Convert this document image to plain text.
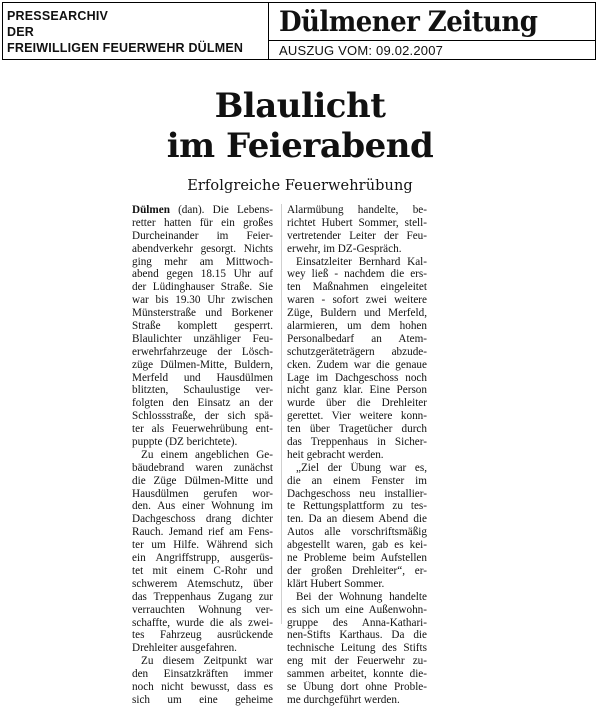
PRESSEARCHIV
DER
FREIWILLIGEN FEUERWEHR DÜLMEN
Dülmener Zeitung
AUSZUG VOM: 09.02.2007
Blaulicht
im Feierabend
Erfolgreiche Feuerwehrübung
Dülmen (dan). Die Lebens-
retter hatten für ein großes
Durcheinander im Feier-
abendverkehr gesorgt. Nichts
ging mehr am Mittwoch-
abend gegen 18.15 Uhr auf
der Lüdinghauser Straße. Sie
war bis 19.30 Uhr zwischen
Münsterstraße und Borkener
Straße komplett gesperrt.
Blaulichter unzähliger Feu-
erwehrfahrzeuge der Lösch-
züge Dülmen-Mitte, Buldern,
Merfeld und Hausdülmen
blitzten, Schaulustige ver-
folgten den Einsatz an der
Schlossstraße, der sich spä-
ter als Feuerwehrübung ent-
puppte (DZ berichtete).
Zu einem angeblichen Ge-
bäudebrand waren zunächst
die Züge Dülmen-Mitte und
Hausdülmen gerufen wor-
den. Aus einer Wohnung im
Dachgeschoss drang dichter
Rauch. Jemand rief am Fens-
ter um Hilfe. Während sich
ein Angriffstrupp, ausgerüs-
tet mit einem C-Rohr und
schwerem Atemschutz, über
das Treppenhaus Zugang zur
verrauchten Wohnung ver-
schaffte, wurde die als zwei-
tes Fahrzeug ausrückende
Drehleiter ausgefahren.
Zu diesem Zeitpunkt war
den Einsatzkräften immer
noch nicht bewusst, dass es
sich um eine geheime
Alarmübung handelte, be-
richtet Hubert Sommer, stell-
vertretender Leiter der Feu-
erwehr, im DZ-Gespräch.
Einsatzleiter Bernhard Kal-
wey ließ - nachdem die ers-
ten Maßnahmen eingeleitet
waren - sofort zwei weitere
Züge, Buldern und Merfeld,
alarmieren, um dem hohen
Personalbedarf an Atem-
schutzgeräteträgern abzude-
cken. Zudem war die genaue
Lage im Dachgeschoss noch
nicht ganz klar. Eine Person
wurde über die Drehleiter
gerettet. Vier weitere konn-
ten über Tragetücher durch
das Treppenhaus in Sicher-
heit gebracht werden.
„Ziel der Übung war es,
die an einem Fenster im
Dachgeschoss neu installier-
te Rettungsplattform zu tes-
ten. Da an diesem Abend die
Autos alle vorschriftsmäßig
abgestellt waren, gab es kei-
ne Probleme beim Aufstellen
der großen Drehleiter“, er-
klärt Hubert Sommer.
Bei der Wohnung handelte
es sich um eine Außenwohn-
gruppe des Anna-Kathari-
nen-Stifts Karthaus. Da die
technische Leitung des Stifts
eng mit der Feuerwehr zu-
sammen arbeitet, konnte die-
se Übung dort ohne Proble-
me durchgeführt werden.
